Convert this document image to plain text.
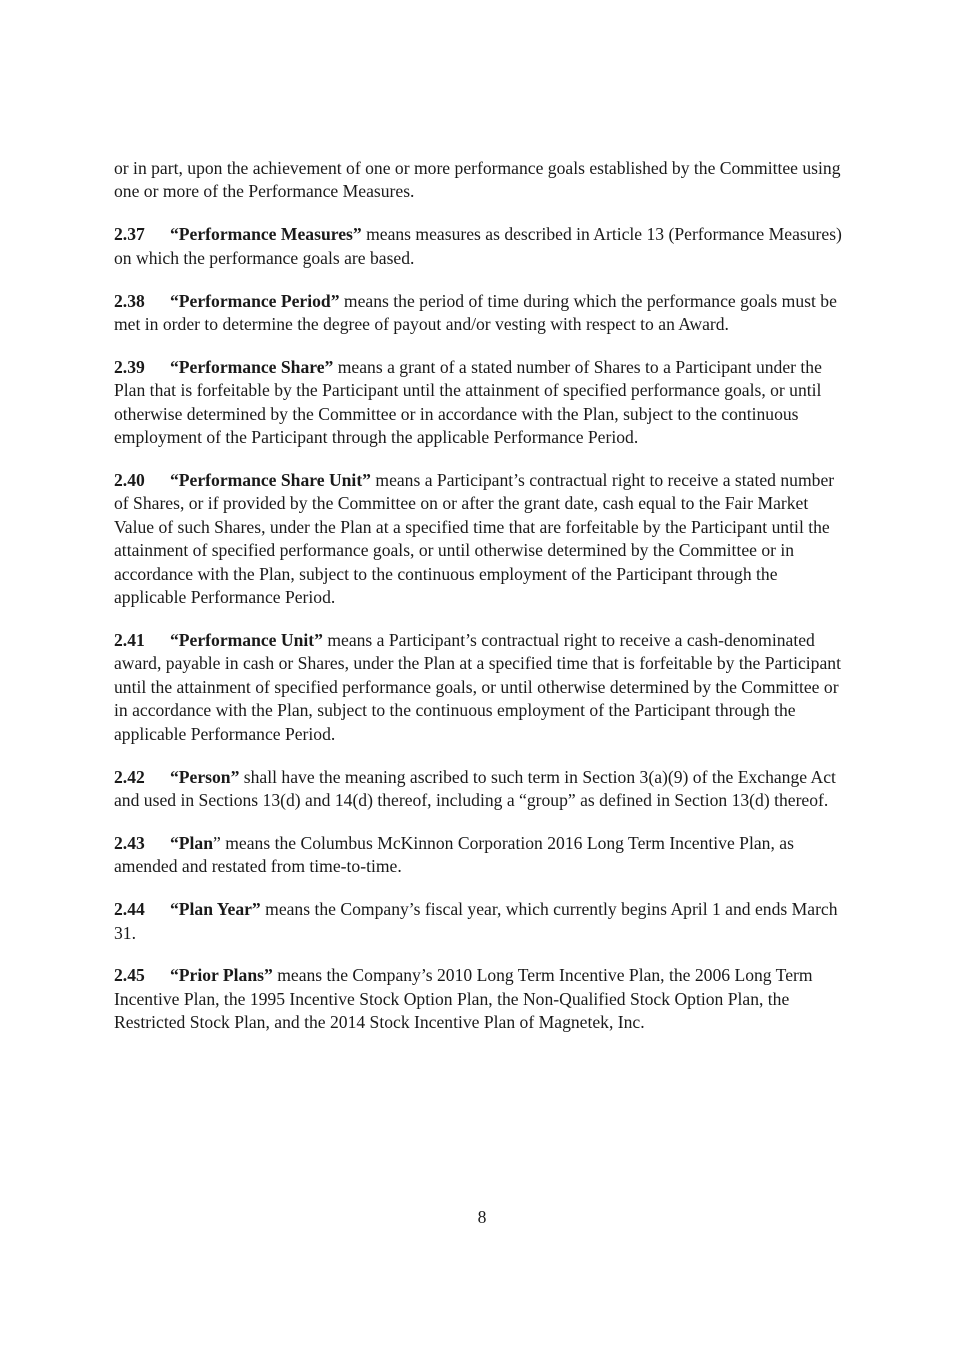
or in part, upon the achievement of one or more performance goals established by the Committee using one or more of the Performance Measures.

2.37 “Performance Measures” means measures as described in Article 13 (Performance Measures) on which the performance goals are based.

2.38 “Performance Period” means the period of time during which the performance goals must be met in order to determine the degree of payout and/or vesting with respect to an Award.

2.39 “Performance Share” means a grant of a stated number of Shares to a Participant under the Plan that is forfeitable by the Participant until the attainment of specified performance goals, or until otherwise determined by the Committee or in accordance with the Plan, subject to the continuous employment of the Participant through the applicable Performance Period.

2.40 “Performance Share Unit” means a Participant’s contractual right to receive a stated number of Shares, or if provided by the Committee on or after the grant date, cash equal to the Fair Market Value of such Shares, under the Plan at a specified time that are forfeitable by the Participant until the attainment of specified performance goals, or until otherwise determined by the Committee or in accordance with the Plan, subject to the continuous employment of the Participant through the applicable Performance Period.

2.41 “Performance Unit” means a Participant’s contractual right to receive a cash-denominated award, payable in cash or Shares, under the Plan at a specified time that is forfeitable by the Participant until the attainment of specified performance goals, or until otherwise determined by the Committee or in accordance with the Plan, subject to the continuous employment of the Participant through the applicable Performance Period.

2.42 “Person” shall have the meaning ascribed to such term in Section 3(a)(9) of the Exchange Act and used in Sections 13(d) and 14(d) thereof, including a “group” as defined in Section 13(d) thereof.

2.43 “Plan” means the Columbus McKinnon Corporation 2016 Long Term Incentive Plan, as amended and restated from time-to-time.

2.44 “Plan Year” means the Company’s fiscal year, which currently begins April 1 and ends March 31.

2.45 “Prior Plans” means the Company’s 2010 Long Term Incentive Plan, the 2006 Long Term Incentive Plan, the 1995 Incentive Stock Option Plan, the Non-Qualified Stock Option Plan, the Restricted Stock Plan, and the 2014 Stock Incentive Plan of Magnetek, Inc.

8
